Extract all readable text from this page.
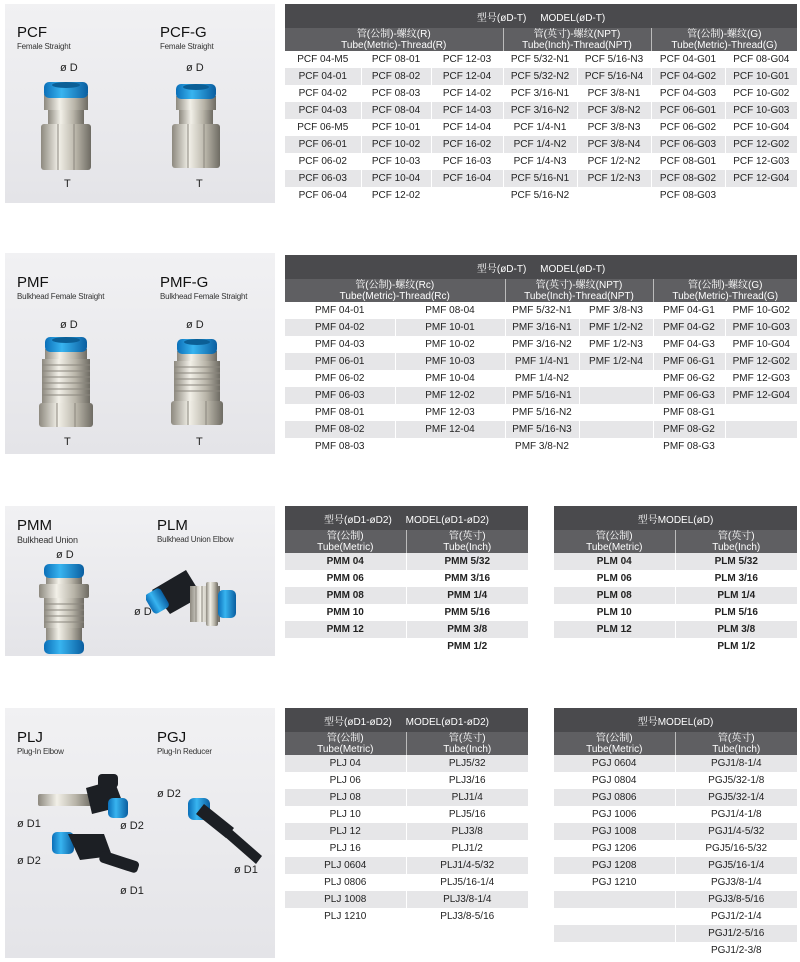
PCF
Female Straight
PCF-G
Female Straight
ø D	ø D
T	T
型号(øD-T)     MODEL(øD-T)						
管(公制)-螺纹(R)
Tube(Metric)-Thread(R)			管(英寸)-螺纹(NPT)
Tube(Inch)-Thread(NPT)		管(公制)-螺纹(G)
Tube(Metric)-Thread(G)	
PCF 04-M5	PCF 08-01	PCF 12-03	PCF 5/32-N1	PCF 5/16-N3	PCF 04-G01	PCF 08-G04
PCF 04-01	PCF 08-02	PCF 12-04	PCF 5/32-N2	PCF 5/16-N4	PCF 04-G02	PCF 10-G01
PCF 04-02	PCF 08-03	PCF 14-02	PCF 3/16-N1	PCF 3/8-N1	PCF 04-G03	PCF 10-G02
PCF 04-03	PCF 08-04	PCF 14-03	PCF 3/16-N2	PCF 3/8-N2	PCF 06-G01	PCF 10-G03
PCF 06-M5	PCF 10-01	PCF 14-04	PCF 1/4-N1	PCF 3/8-N3	PCF 06-G02	PCF 10-G04
PCF 06-01	PCF 10-02	PCF 16-02	PCF 1/4-N2	PCF 3/8-N4	PCF 06-G03	PCF 12-G02
PCF 06-02	PCF 10-03	PCF 16-03	PCF 1/4-N3	PCF 1/2-N2	PCF 08-G01	PCF 12-G03
PCF 06-03	PCF 10-04	PCF 16-04	PCF 5/16-N1	PCF 1/2-N3	PCF 08-G02	PCF 12-G04
PCF 06-04	PCF 12-02		PCF 5/16-N2		PCF 08-G03	
PMF
Bulkhead Female Straight
PMF-G
Bulkhead Female Straight
ø D	ø D
T	T
型号(øD-T)     MODEL(øD-T)					
管(公制)-螺纹(Rc)
Tube(Metric)-Thread(Rc)		管(英寸)-螺纹(NPT)
Tube(Inch)-Thread(NPT)		管(公制)-螺纹(G)
Tube(Metric)-Thread(G)	
PMF 04-01	PMF 08-04	PMF 5/32-N1	PMF 3/8-N3	PMF 04-G1	PMF 10-G02
PMF 04-02	PMF 10-01	PMF 3/16-N1	PMF 1/2-N2	PMF 04-G2	PMF 10-G03
PMF 04-03	PMF 10-02	PMF 3/16-N2	PMF 1/2-N3	PMF 04-G3	PMF 10-G04
PMF 06-01	PMF 10-03	PMF 1/4-N1	PMF 1/2-N4	PMF 06-G1	PMF 12-G02
PMF 06-02	PMF 10-04	PMF 1/4-N2		PMF 06-G2	PMF 12-G03
PMF 06-03	PMF 12-02	PMF 5/16-N1		PMF 06-G3	PMF 12-G04
PMF 08-01	PMF 12-03	PMF 5/16-N2		PMF 08-G1	
PMF 08-02	PMF 12-04	PMF 5/16-N3		PMF 08-G2	
PMF 08-03		PMF 3/8-N2		PMF 08-G3	
PMM
Bulkhead Union
PLM
Bulkhead Union Elbow
ø D
ø D
型号(øD1-øD2)     MODEL(øD1-øD2)	
管(公制)
Tube(Metric)	管(英寸)
Tube(Inch)
PMM 04	PMM 5/32
PMM 06	PMM 3/16
PMM 08	PMM 1/4
PMM 10	PMM 5/16
PMM 12	PMM 3/8
	PMM 1/2
型号MODEL(øD)	
管(公制)
Tube(Metric)	管(英寸)
Tube(Inch)
PLM 04	PLM 5/32
PLM 06	PLM 3/16
PLM 08	PLM 1/4
PLM 10	PLM 5/16
PLM 12	PLM 3/8
	PLM 1/2
PLJ
Plug-In Elbow
PGJ
Plug-In Reducer
ø D1	ø D2
ø D2
ø D1
ø D2
ø D1
型号(øD1-øD2)     MODEL(øD1-øD2)	
管(公制)
Tube(Metric)	管(英寸)
Tube(Inch)
PLJ 04	PLJ5/32
PLJ 06	PLJ3/16
PLJ 08	PLJ1/4
PLJ 10	PLJ5/16
PLJ 12	PLJ3/8
PLJ 16	PLJ1/2
PLJ 0604	PLJ1/4-5/32
PLJ 0806	PLJ5/16-1/4
PLJ 1008	PLJ3/8-1/4
PLJ 1210	PLJ3/8-5/16
型号MODEL(øD)	
管(公制)
Tube(Metric)	管(英寸)
Tube(Inch)
PGJ 0604	PGJ1/8-1/4
PGJ 0804	PGJ5/32-1/8
PGJ 0806	PGJ5/32-1/4
PGJ 1006	PGJ1/4-1/8
PGJ 1008	PGJ1/4-5/32
PGJ 1206	PGJ5/16-5/32
PGJ 1208	PGJ5/16-1/4
PGJ 1210	PGJ3/8-1/4
	PGJ3/8-5/16
	PGJ1/2-1/4
	PGJ1/2-5/16
	PGJ1/2-3/8
